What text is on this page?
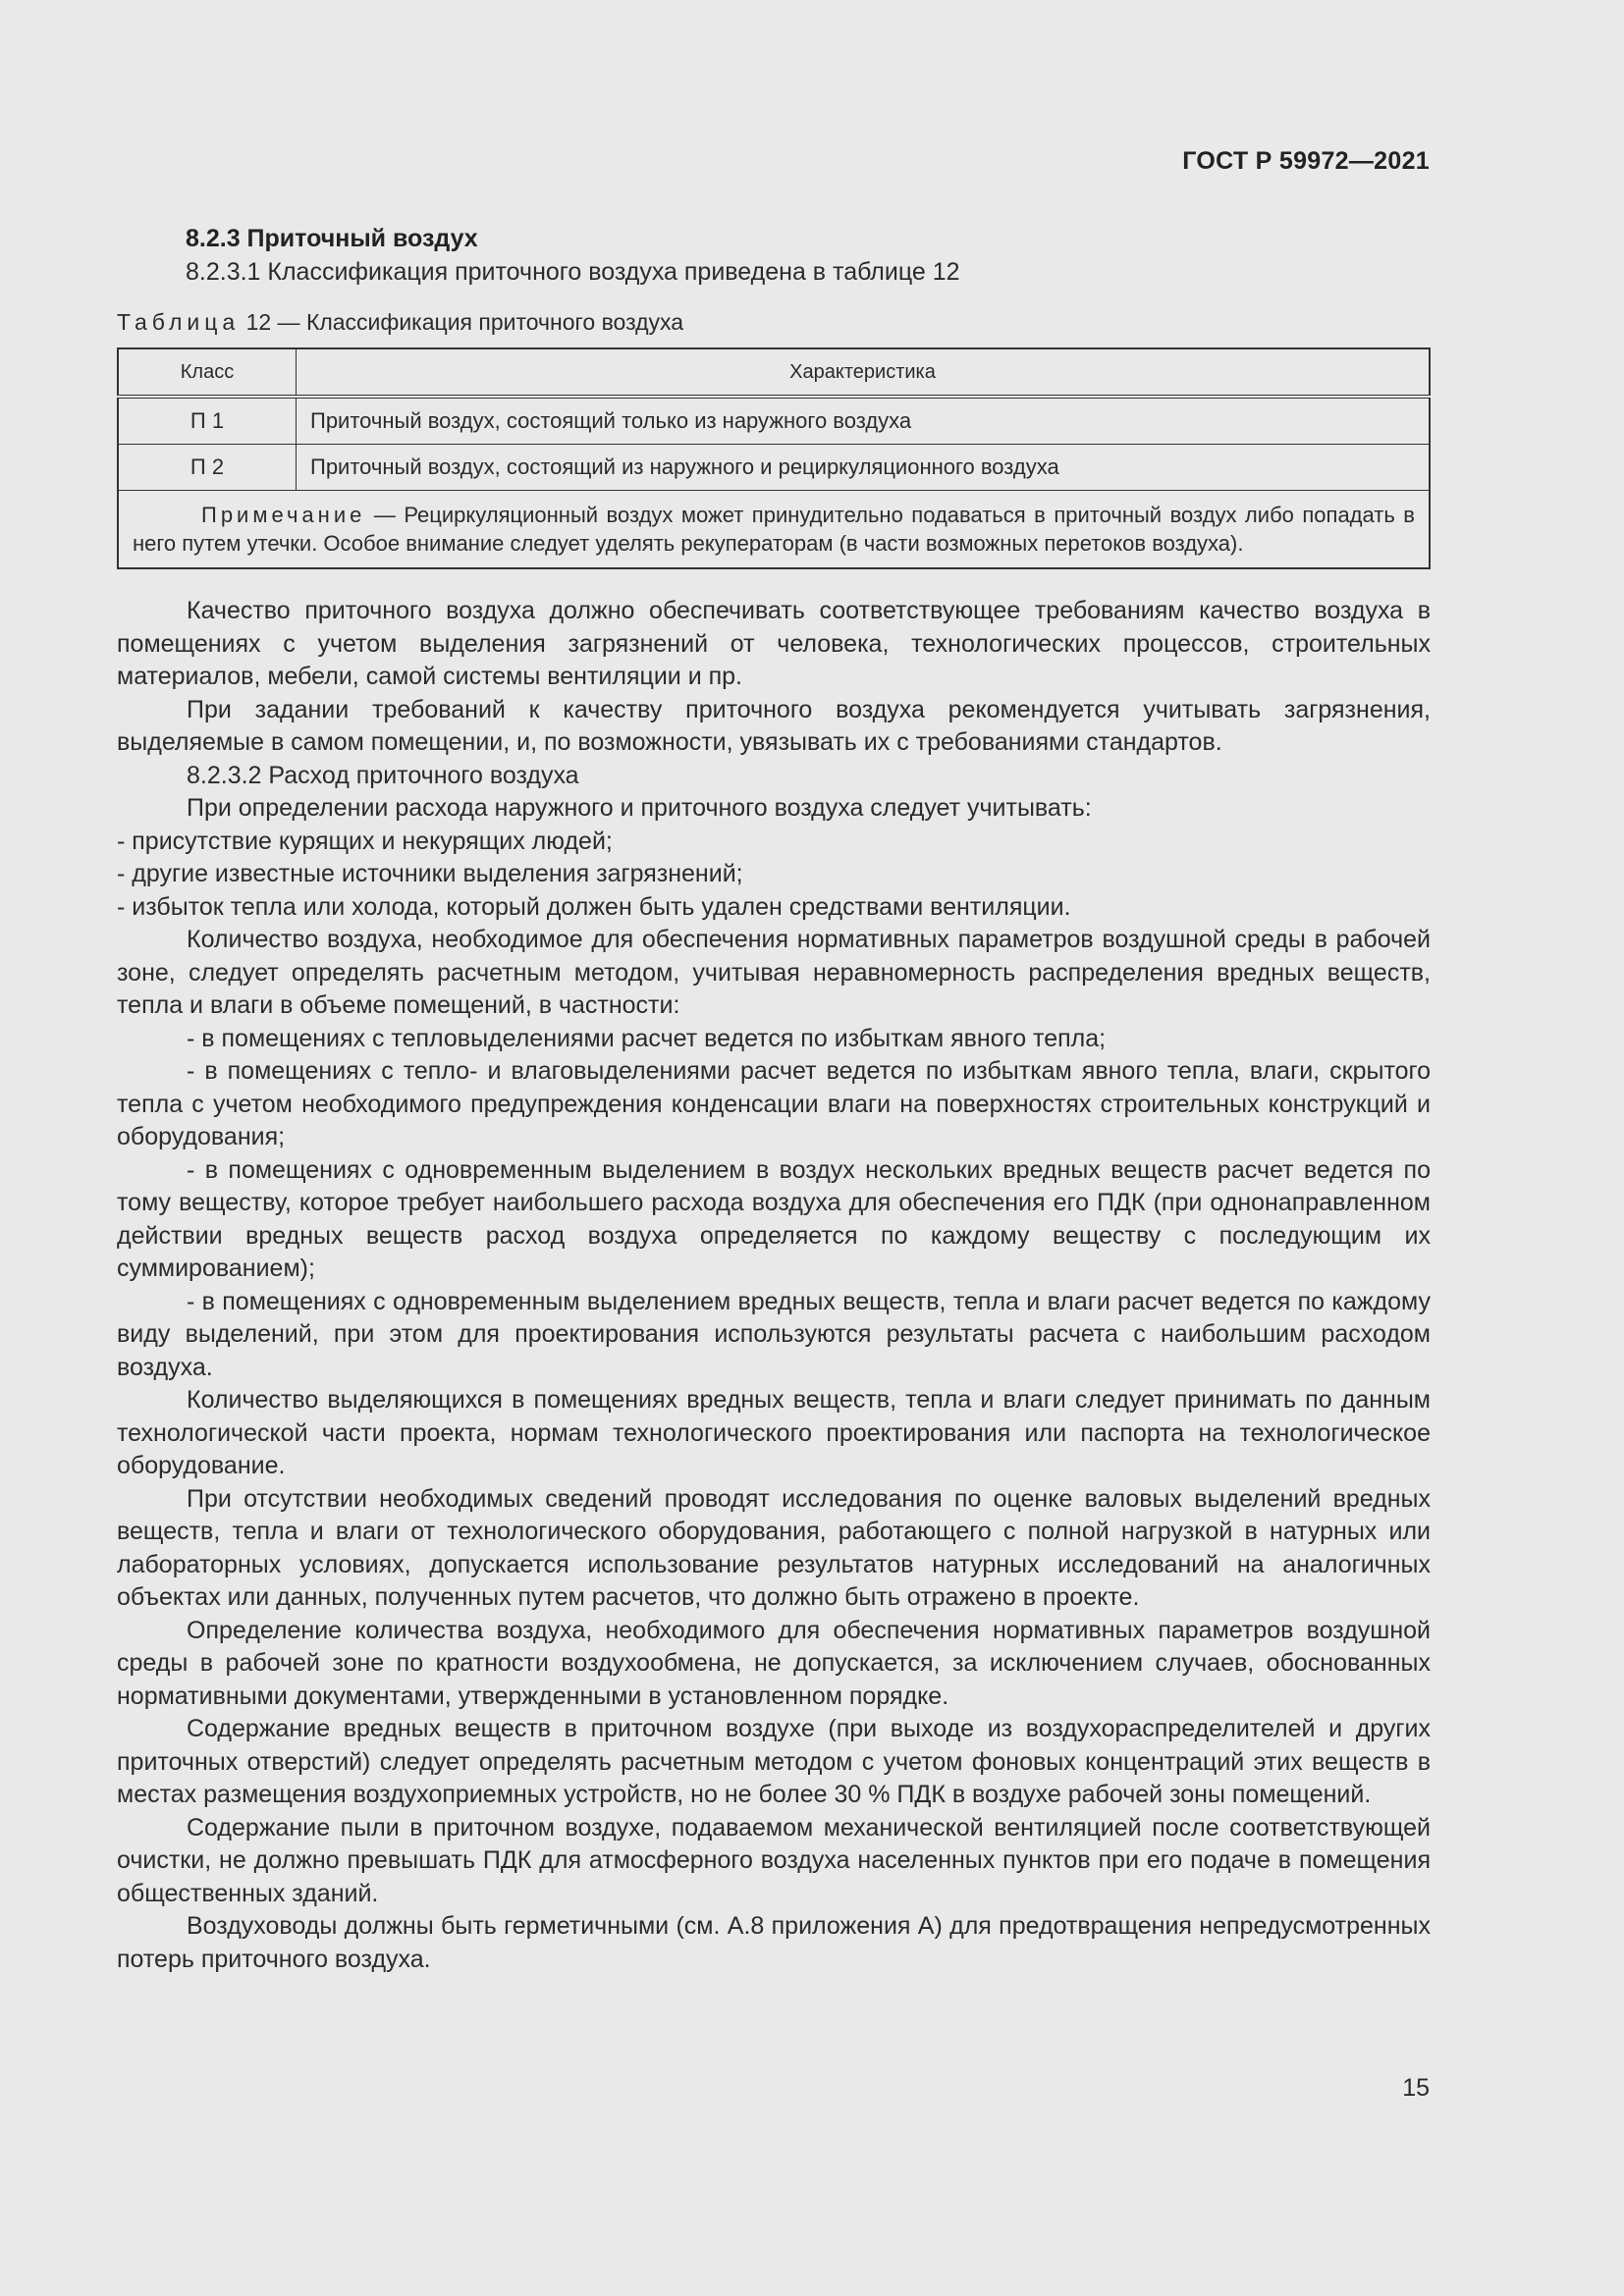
ГОСТ Р 59972—2021
8.2.3 Приточный воздух
8.2.3.1 Классификация приточного воздуха приведена в таблице 12
Таблица 12 — Классификация приточного воздуха
Класс	Характеристика
П 1	Приточный воздух, состоящий только из наружного воздуха
П 2	Приточный воздух, состоящий из наружного и рециркуляционного воздуха
Примечание — Рециркуляционный воздух может принудительно подаваться в приточный воздух либо попадать в него путем утечки. Особое внимание следует уделять рекуператорам (в части возможных перетоков воздуха).	

Качество приточного воздуха должно обеспечивать соответствующее требованиям качество воздуха в помещениях с учетом выделения загрязнений от человека, технологических процессов, строительных материалов, мебели, самой системы вентиляции и пр.

При задании требований к качеству приточного воздуха рекомендуется учитывать загрязнения, выделяемые в самом помещении, и, по возможности, увязывать их с требованиями стандартов.

8.2.3.2 Расход приточного воздуха

При определении расхода наружного и приточного воздуха следует учитывать:

- присутствие курящих и некурящих людей;

- другие известные источники выделения загрязнений;

- избыток тепла или холода, который должен быть удален средствами вентиляции.

Количество воздуха, необходимое для обеспечения нормативных параметров воздушной среды в рабочей зоне, следует определять расчетным методом, учитывая неравномерность распределения вредных веществ, тепла и влаги в объеме помещений, в частности:

- в помещениях с тепловыделениями расчет ведется по избыткам явного тепла;

- в помещениях с тепло- и влаговыделениями расчет ведется по избыткам явного тепла, влаги, скрытого тепла с учетом необходимого предупреждения конденсации влаги на поверхностях строительных конструкций и оборудования;

- в помещениях с одновременным выделением в воздух нескольких вредных веществ расчет ведется по тому веществу, которое требует наибольшего расхода воздуха для обеспечения его ПДК (при однонаправленном действии вредных веществ расход воздуха определяется по каждому веществу с последующим их суммированием);

- в помещениях с одновременным выделением вредных веществ, тепла и влаги расчет ведется по каждому виду выделений, при этом для проектирования используются результаты расчета с наибольшим расходом воздуха.

Количество выделяющихся в помещениях вредных веществ, тепла и влаги следует принимать по данным технологической части проекта, нормам технологического проектирования или паспорта на технологическое оборудование.

При отсутствии необходимых сведений проводят исследования по оценке валовых выделений вредных веществ, тепла и влаги от технологического оборудования, работающего с полной нагрузкой в натурных или лабораторных условиях, допускается использование результатов натурных исследований на аналогичных объектах или данных, полученных путем расчетов, что должно быть отражено в проекте.

Определение количества воздуха, необходимого для обеспечения нормативных параметров воздушной среды в рабочей зоне по кратности воздухообмена, не допускается, за исключением случаев, обоснованных нормативными документами, утвержденными в установленном порядке.

Содержание вредных веществ в приточном воздухе (при выходе из воздухораспределителей и других приточных отверстий) следует определять расчетным методом с учетом фоновых концентраций этих веществ в местах размещения воздухоприемных устройств, но не более 30 % ПДК в воздухе рабочей зоны помещений.

Содержание пыли в приточном воздухе, подаваемом механической вентиляцией после соответствующей очистки, не должно превышать ПДК для атмосферного воздуха населенных пунктов при его подаче в помещения общественных зданий.

Воздуховоды должны быть герметичными (см. А.8 приложения А) для предотвращения непредусмотренных потерь приточного воздуха.

15
